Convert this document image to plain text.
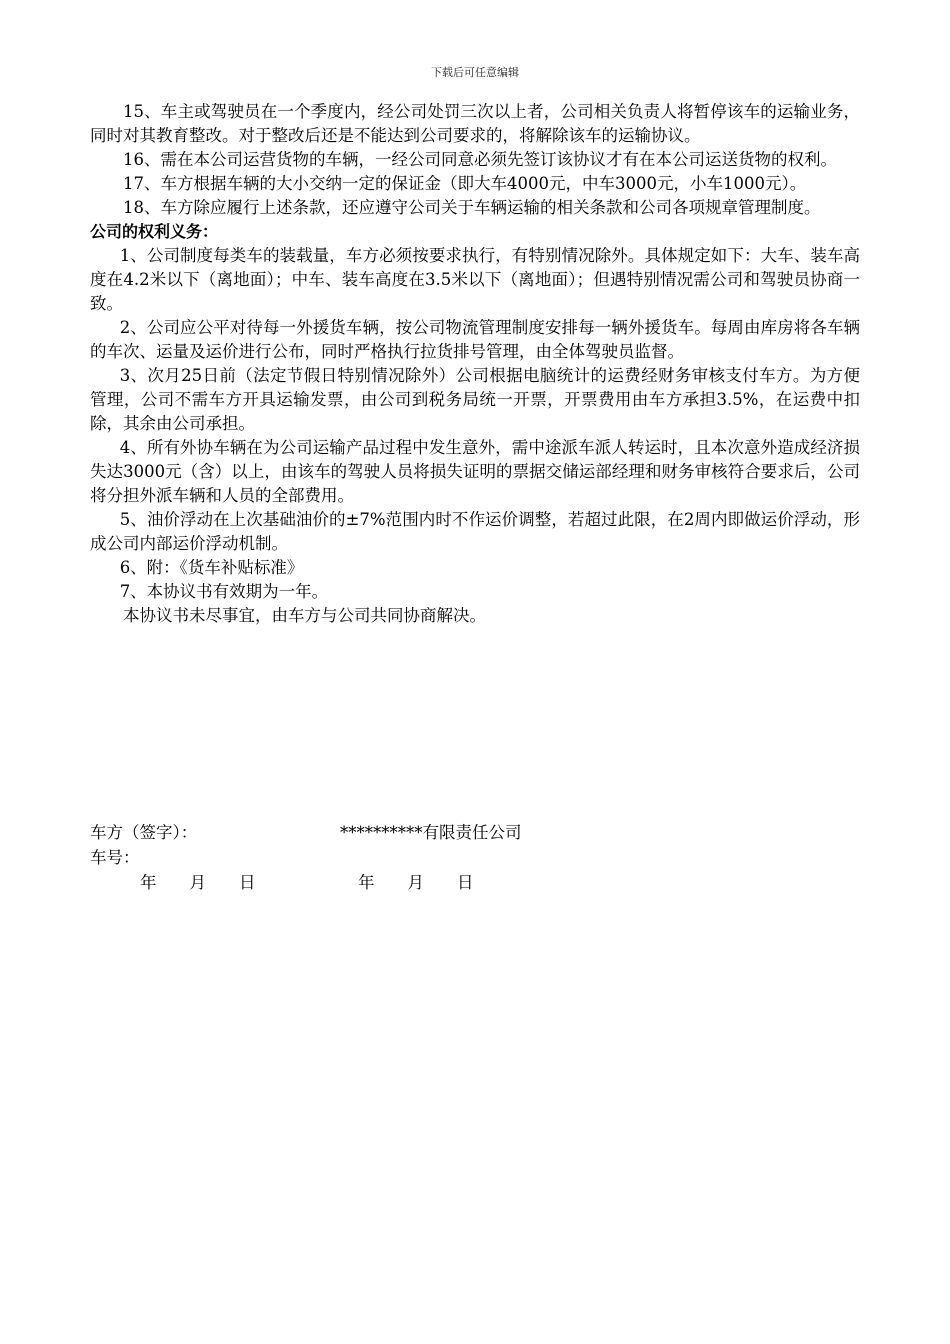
下载后可任意编辑

15、车主或驾驶员在一个季度内，经公司处罚三次以上者，公司相关负责人将暂停该车的运输业务，同时对其教育整改。对于整改后还是不能达到公司要求的，将解除该车的运输协议。

16、需在本公司运营货物的车辆，一经公司同意必须先签订该协议才有在本公司运送货物的权利。

17、车方根据车辆的大小交纳一定的保证金（即大车4000元，中车3000元，小车1000元）。

18、车方除应履行上述条款，还应遵守公司关于车辆运输的相关条款和公司各项规章管理制度。

公司的权利义务：

1、公司制度每类车的装载量，车方必须按要求执行，有特别情况除外。具体规定如下：大车、装车高度在4.2米以下（离地面）；中车、装车高度在3.5米以下（离地面）；但遇特别情况需公司和驾驶员协商一致。

2、公司应公平对待每一外援货车辆，按公司物流管理制度安排每一辆外援货车。每周由库房将各车辆的车次、运量及运价进行公布，同时严格执行拉货排号管理，由全体驾驶员监督。

3、次月25日前（法定节假日特别情况除外）公司根据电脑统计的运费经财务审核支付车方。为方便管理，公司不需车方开具运输发票，由公司到税务局统一开票，开票费用由车方承担3.5%，在运费中扣除，其余由公司承担。

4、所有外协车辆在为公司运输产品过程中发生意外，需中途派车派人转运时，且本次意外造成经济损失达3000元（含）以上，由该车的驾驶人员将损失证明的票据交储运部经理和财务审核符合要求后，公司将分担外派车辆和人员的全部费用。

5、油价浮动在上次基础油价的±7%范围内时不作运价调整，若超过此限，在2周内即做运价浮动，形成公司内部运价浮动机制。

6、附：《货车补贴标准》

7、本协议书有效期为一年。

本协议书未尽事宜，由车方与公司共同协商解决。

车方（签字）：	**********有限责任公司
车号：
年　　月　　日	年　　月　　日
